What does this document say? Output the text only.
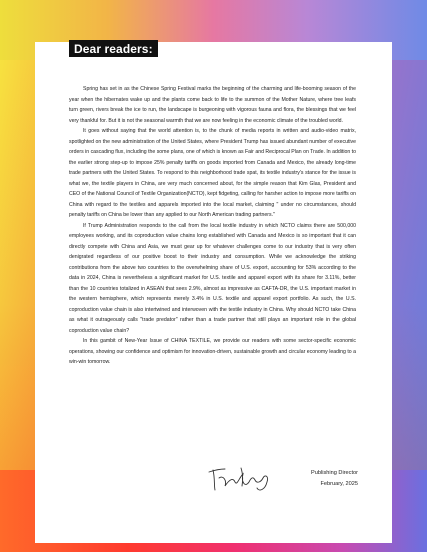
Dear readers:

Spring has set in as the Chinese Spring Festival marks the beginning of the charming and life-booming season of the year when the hibernates wake up and the plants come back to life to the summon of the Mother Nature, where tree leafs turn green, rivers break the ice to run, the landscape is burgeoning with vigorous fauna and flora, the blessings that we feel very thankful for. But it is not the seasonal warmth that we are now feeling in the economic climate of the troubled world.

It goes without saying that the world attention is, to the chunk of media reports in written and audio-video matrix, spotlighted on the new administration of the United States, where President Trump has issued abundant number of executive orders in cascading flux, including the some plans, one of which is known as Fair and Reciprocal Plan on Trade. In addition to the earlier strong step-up to impose 25% penalty tariffs on goods imported from Canada and Mexico, the already long-time trade partners with the United States. To respond to this neighborhood trade spat, its textile industry's stance for the issue is what we, the textile players in China, are very much concerned about, for the simple reason that Kim Glas, President and CEO of the National Council of Textile Organization(NCTO), kept fidgeting, calling for harsher action to impose more tariffs on China with regard to the textiles and apparels imported into the local market, claiming " under no circumstances, should penalty tariffs on China be lower than any applied to our North American trading partners."

If Trump Administration responds to the call from the local textile industry in which NCTO claims there are 500,000 employees working, and its coproduction value chains long established with Canada and Mexico is so important that it can directly compete with China and Asia, we must gear up for whatever challenges come to our industry that is very often denigrated regardless of our positive boost to their industry and consumption. While we acknowledge the striking contributions from the above two countries to the overwhelming share of U.S. export, accounting for 53% according to the data in 2024, China is nevertheless a significant market for U.S. textile and apparel export with its share for 3.11%, better than the 10 countries totalized in ASEAN that sees 2.9%, almost as impressive as CAFTA-DR, the U.S. important market in the western hemisphere, which represents merely 3.4% in U.S. textile and apparel export portfolio. As such, the U.S. coproduction value chain is also intertwined and interwoven with the textile industry in China. Why should NCTO take China as what it outrageously calls "trade predator" rather than a trade partner that still plays an important role in the global coproduction value chain?

In this gambit of New-Year Issue of CHINA TEXTILE, we provide our readers with some sector-specific economic operations, showing our confidence and optimism for innovation-driven, sustainable growth and circular economy leading to a win-win tomorrow.

Publishing Director
February, 2025
